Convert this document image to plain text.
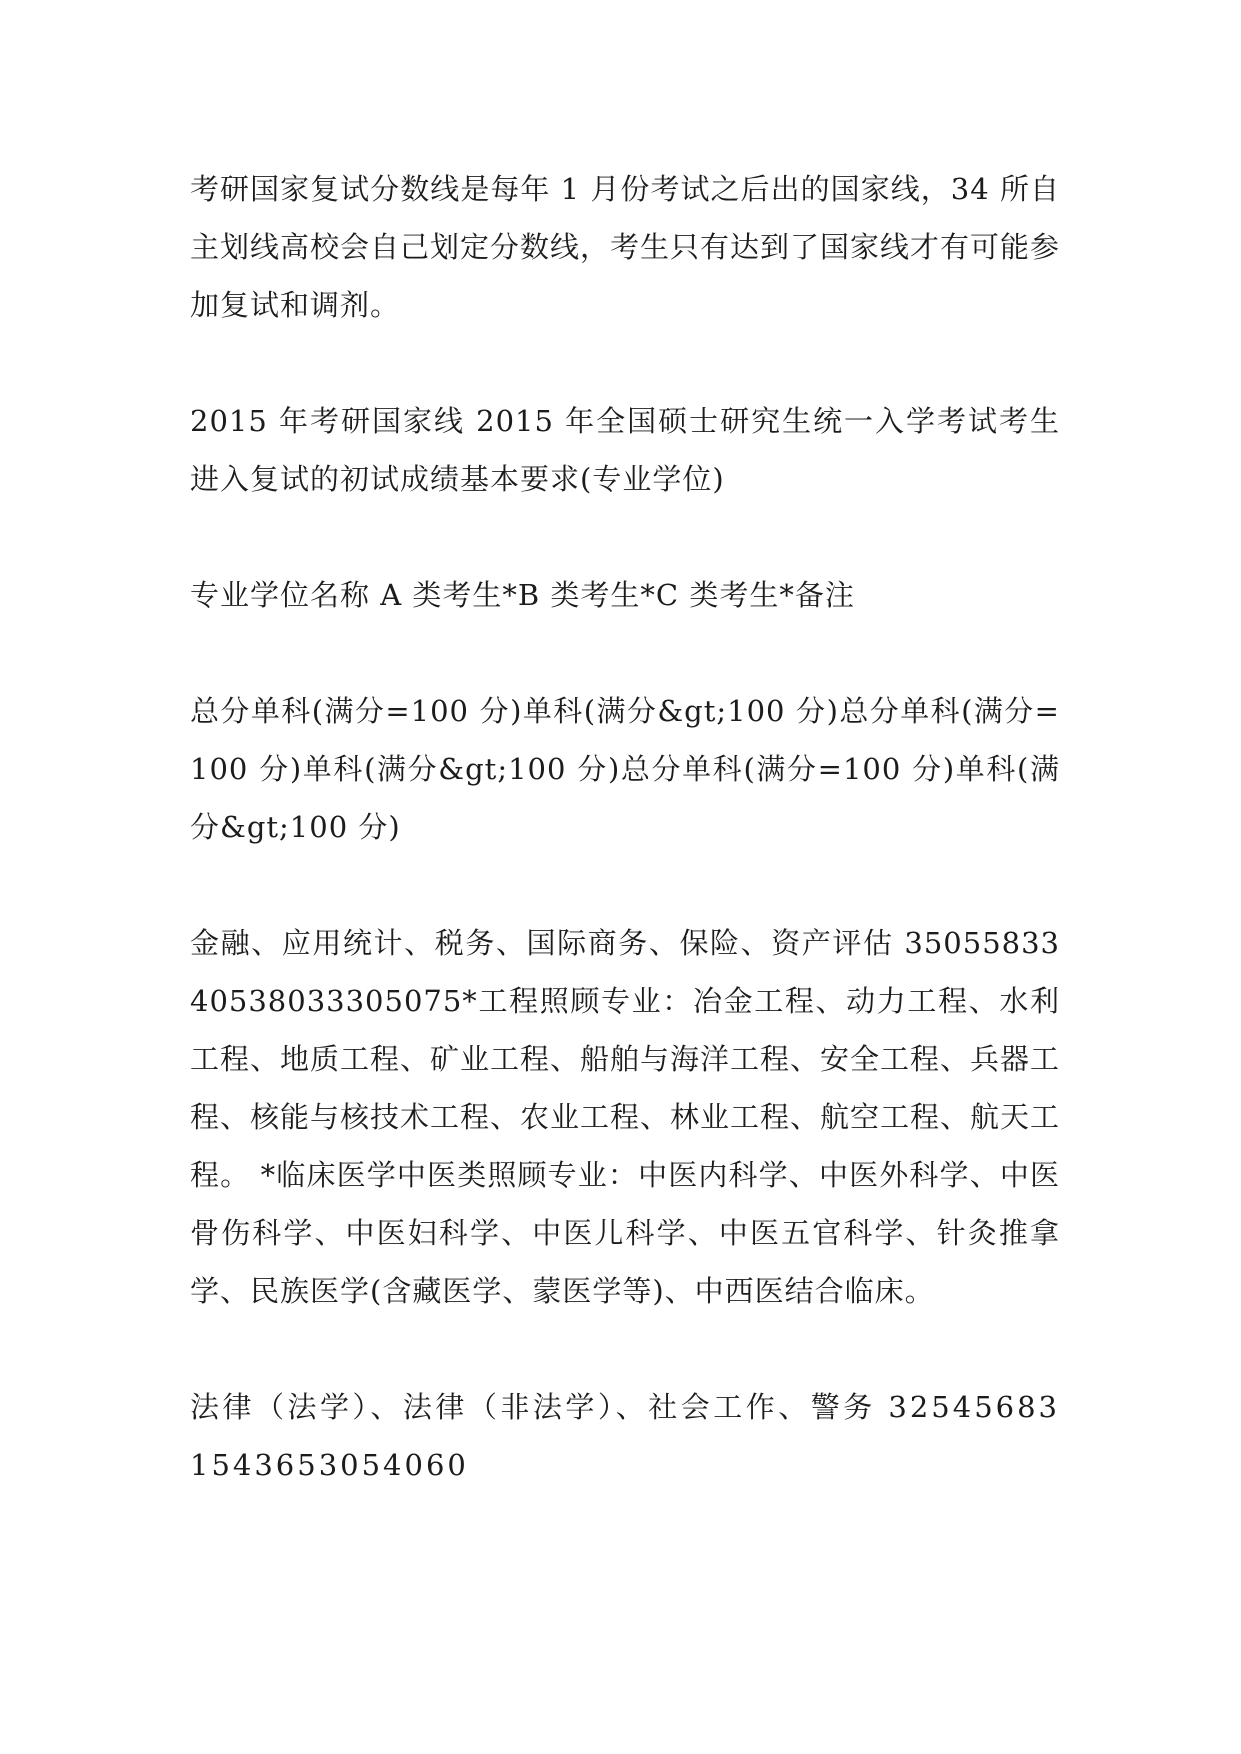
考研国家复试分数线是每年 1 月份考试之后出的国家线，34 所自主划线高校会自己划定分数线，考生只有达到了国家线才有可能参加复试和调剂。

2015 年考研国家线 2015 年全国硕士研究生统一入学考试考生进入复试的初试成绩基本要求(专业学位)

专业学位名称 A 类考生*B 类考生*C 类考生*备注

总分单科(满分=100 分)单科(满分&gt;100 分)总分单科(满分=100 分)单科(满分&gt;100 分)总分单科(满分=100 分)单科(满分&gt;100 分)

金融、应用统计、税务、国际商务、保险、资产评估 3505583340538033305075*工程照顾专业：冶金工程、动力工程、水利工程、地质工程、矿业工程、船舶与海洋工程、安全工程、兵器工程、核能与核技术工程、农业工程、林业工程、航空工程、航天工程。 *临床医学中医类照顾专业：中医内科学、中医外科学、中医骨伤科学、中医妇科学、中医儿科学、中医五官科学、针灸推拿学、民族医学(含藏医学、蒙医学等)、中西医结合临床。

法律（法学）、法律（非法学）、社会工作、警务 3254568315436530540​60
